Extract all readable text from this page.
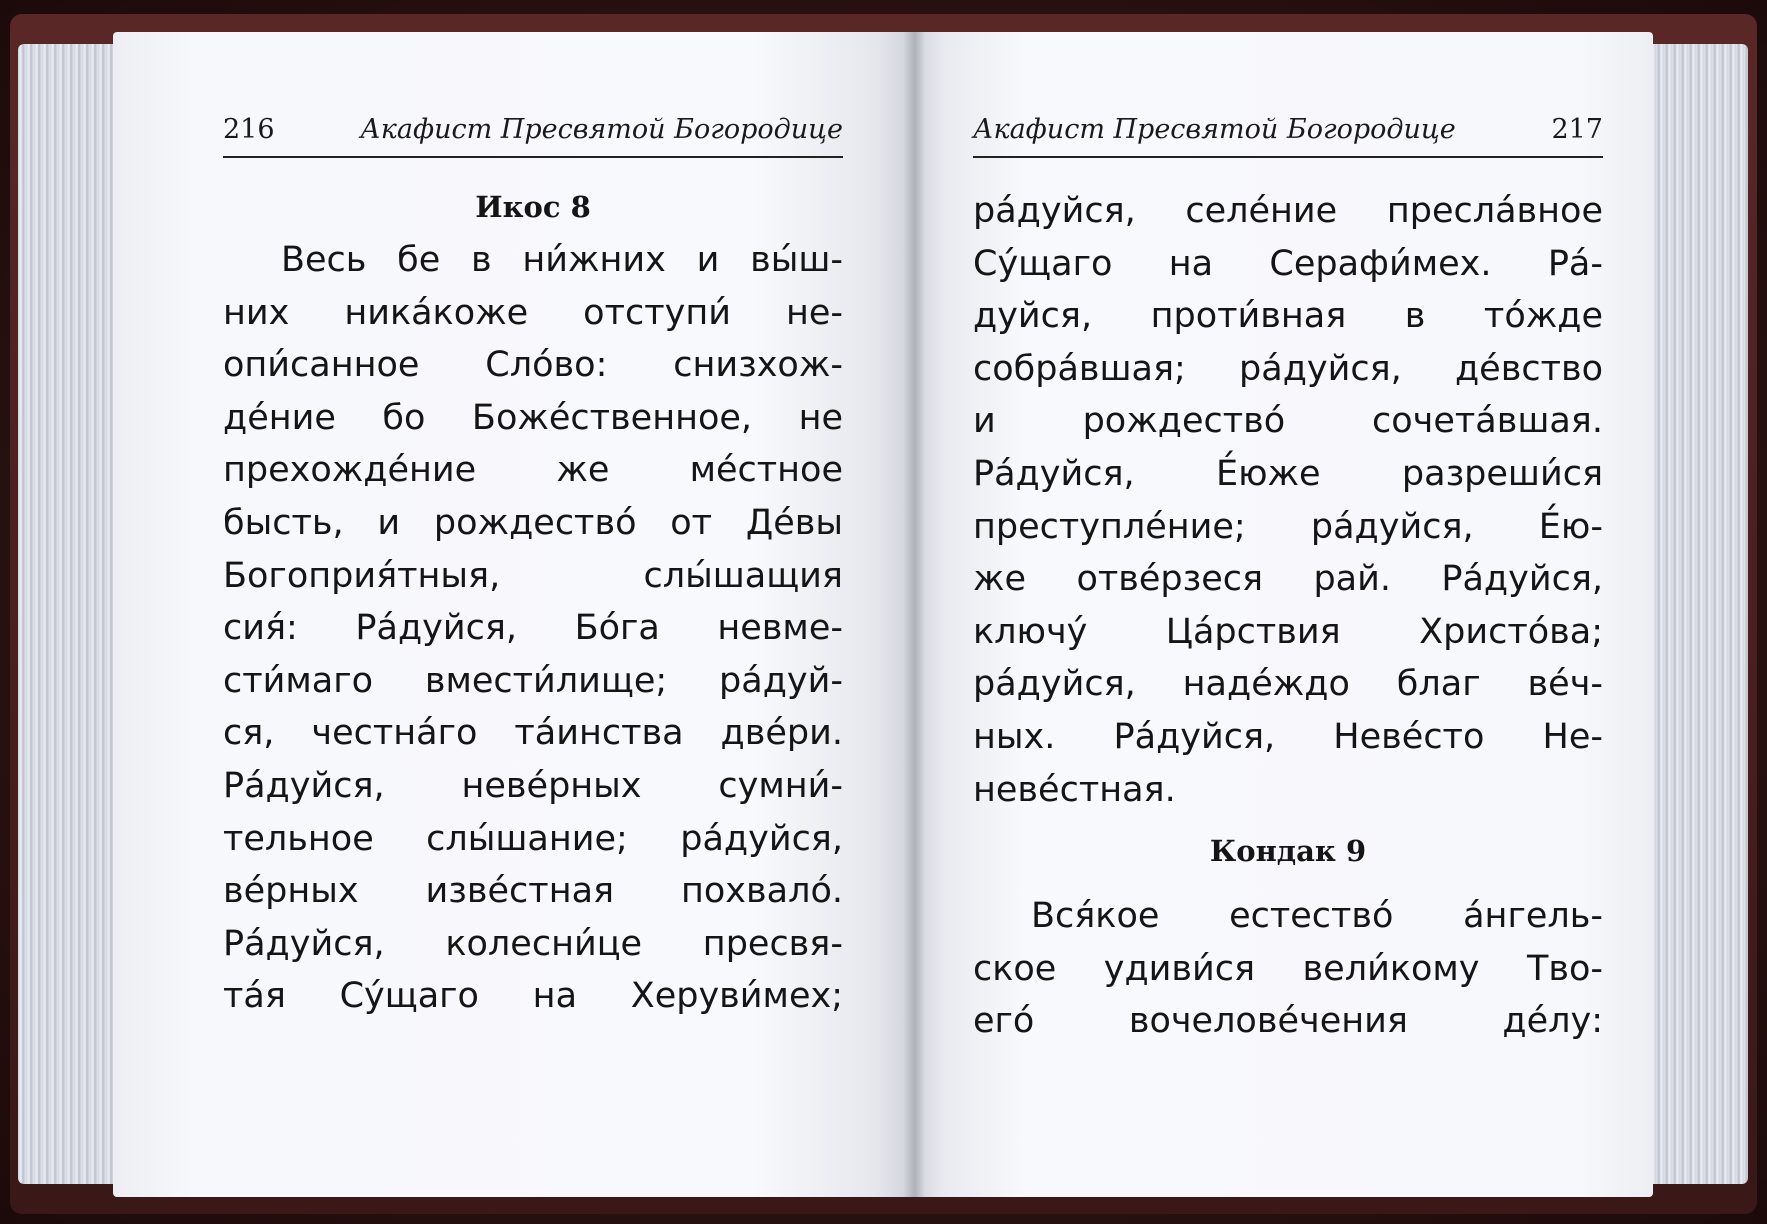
216	Акафист Пресвятой Богородице
Икос 8
Весь бе в ни́жних и вы́ш-
них ника́коже отступи́ не-
опи́санное Сло́во: снизхож-
де́ние бо Боже́ственное, не
прехожде́ние же ме́стное
бысть, и рождество́ от Де́вы
Богоприя́тныя, слы́шащия
сия́: Ра́дуйся, Бо́га невме-
сти́маго вмести́лище; ра́дуй-
ся, честна́го та́инства две́ри.
Ра́дуйся, неве́рных сумни́-
тельное слы́шание; ра́дуйся,
ве́рных изве́стная похвало́.
Ра́дуйся, колесни́це пресвя-
та́я Су́щаго на Херуви́мех;
Акафист Пресвятой Богородице	217
ра́дуйся, селе́ние пресла́вное
Су́щаго на Серафи́мех. Ра́-
дуйся, проти́вная в то́жде
собра́вшая; ра́дуйся, де́вство
и рождество́ сочета́вшая.
Ра́дуйся, Е́юже разреши́ся
преступле́ние; ра́дуйся, Е́ю-
же отве́рзеся рай. Ра́дуйся,
ключу́ Ца́рствия Христо́ва;
ра́дуйся, наде́ждо благ ве́ч-
ных. Ра́дуйся, Неве́сто Не-
неве́стная.
Кондак 9
Вся́кое естество́ а́нгель-
ское удиви́ся вели́кому Тво-
его́ вочелове́чения де́лу:
